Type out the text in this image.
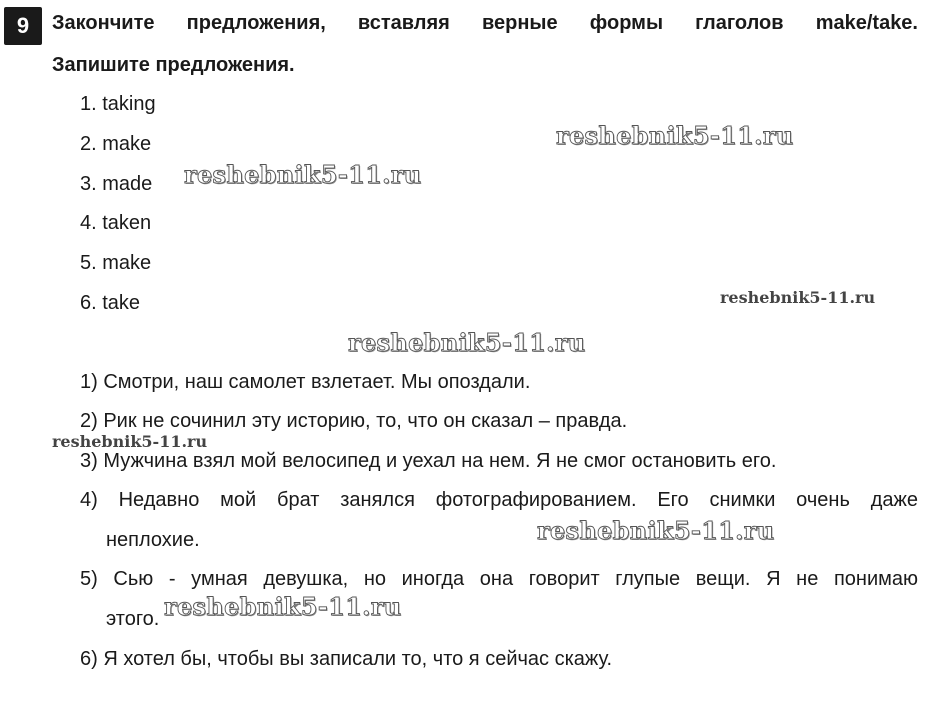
9	Закончите предложения, вставляя верные формы глаголов make/take.
Запишите предложения.
1. taking
2. make
3. made
4. taken
5. make
6. take
1) Смотри, наш самолет взлетает. Мы опоздали.
2) Рик не сочинил эту историю, то, что он сказал – правда.
3) Мужчина взял мой велосипед и уехал на нем. Я не смог остановить его.
4) Недавно мой брат занялся фотографированием. Его снимки очень даже
неплохие.
5) Сью - умная девушка, но иногда она говорит глупые вещи. Я не понимаю
этого.
6) Я хотел бы, чтобы вы записали то, что я сейчас скажу.
reshebnik5-11.ru
reshebnik5-11.ru
reshebnik5-11.ru
reshebnik5-11.ru
reshebnik5-11.ru
reshebnik5-11.ru
reshebnik5-11.ru
